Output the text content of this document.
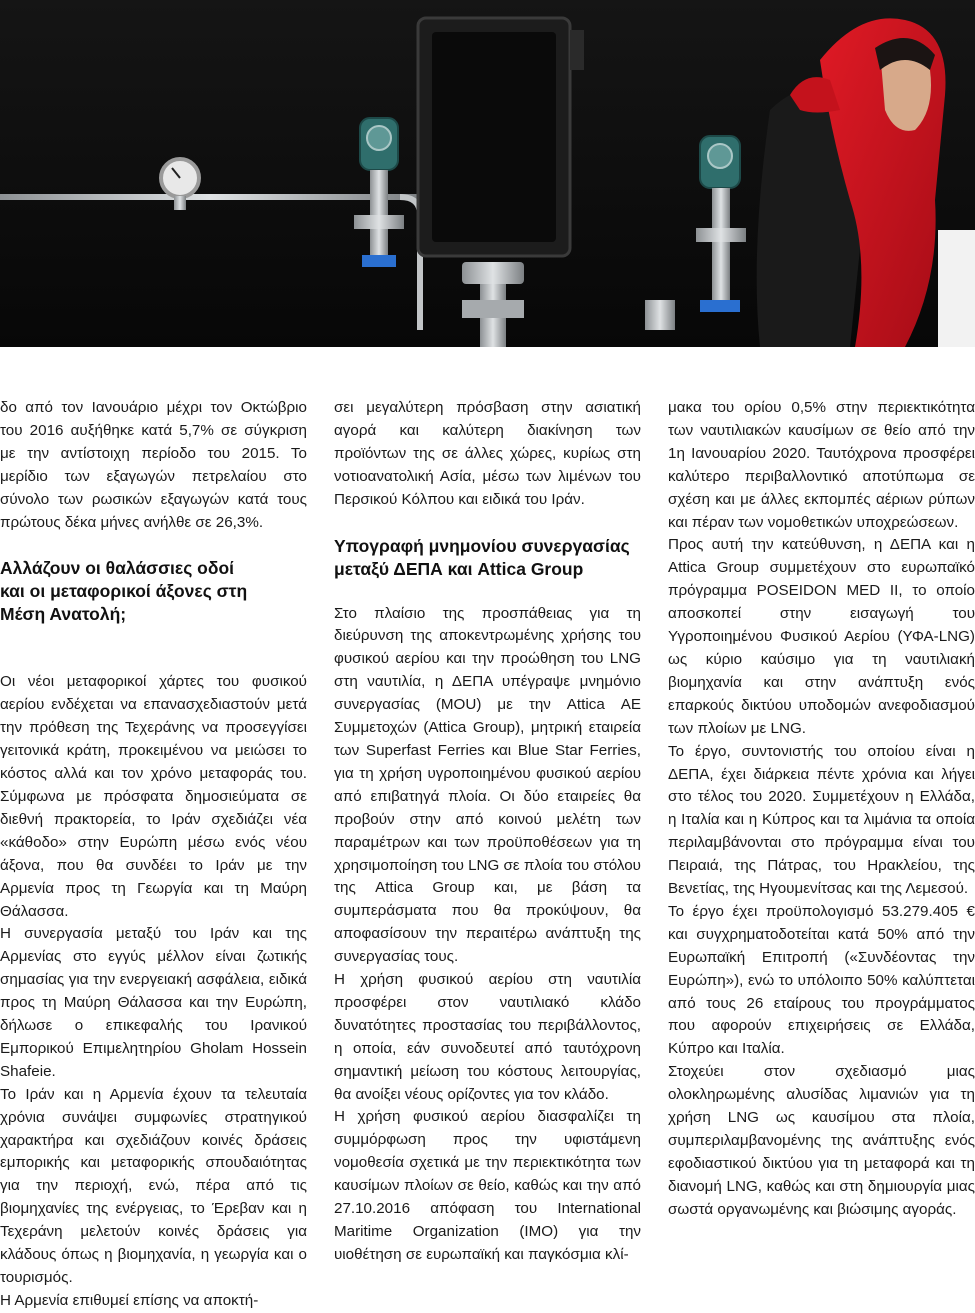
δο από τον Ιανουάριο μέχρι τον Οκτώβριο του 2016 αυξήθηκε κατά 5,7% σε σύγκριση με την αντίστοιχη περίοδο του 2015. Το μερίδιο των εξαγωγών πετρελαίου στο σύνολο των ρωσικών εξαγωγών κατά τους πρώτους δέκα μήνες ανήλθε σε 26,3%.

Αλλάζουν οι θαλάσσιες οδοί και οι μεταφορικοί άξονες στη Μέση Ανατολή;

Οι νέοι μεταφορικοί χάρτες του φυσικού αερίου ενδέχεται να επανασχεδιαστούν μετά την πρόθεση της Τεχεράνης να προσεγγίσει γειτονικά κράτη, προκειμένου να μειώσει το κόστος αλλά και τον χρόνο μεταφοράς του. Σύμφωνα με πρόσφατα δημοσιεύματα σε διεθνή πρακτορεία, το Ιράν σχεδιάζει νέα «κάθοδο» στην Ευρώπη μέσω ενός νέου άξονα, που θα συνδέει το Ιράν με την Αρμενία προς τη Γεωργία και τη Μαύρη Θάλασσα.

Η συνεργασία μεταξύ του Ιράν και της Αρμενίας στο εγγύς μέλλον είναι ζωτικής σημασίας για την ενεργειακή ασφάλεια, ειδικά προς τη Μαύρη Θάλασσα και την Ευρώπη, δήλωσε ο επικεφαλής του Ιρανικού Εμπορικού Επιμελητηρίου Gholam Hossein Shafeie.

Το Ιράν και η Αρμενία έχουν τα τελευταία χρόνια συνάψει συμφωνίες στρατηγικού χαρακτήρα και σχεδιάζουν κοινές δράσεις εμπορικής και μεταφορικής σπουδαιότητας για την περιοχή, ενώ, πέρα από τις βιομηχανίες της ενέργειας, το Έρεβαν και η Τεχεράνη μελετούν κοινές δράσεις για κλάδους όπως η βιομηχανία, η γεωργία και ο τουρισμός.

Η Αρμενία επιθυμεί επίσης να αποκτή-

σει μεγαλύτερη πρόσβαση στην ασιατική αγορά και καλύτερη διακίνηση των προϊόντων της σε άλλες χώρες, κυρίως στη νοτιοανατολική Ασία, μέσω των λιμένων του Περσικού Κόλπου και ειδικά του Ιράν.

Υπογραφή μνημονίου συνεργασίας μεταξύ ΔΕΠΑ και Attica Group

Στο πλαίσιο της προσπάθειας για τη διεύρυνση της αποκεντρωμένης χρήσης του φυσικού αερίου και την προώθηση του LNG στη ναυτιλία, η ΔΕΠΑ υπέγραψε μνημόνιο συνεργασίας (MOU) με την Attica ΑΕ Συμμετοχών (Attica Group), μητρική εταιρεία των Superfast Ferries και Blue Star Ferries, για τη χρήση υγροποιημένου φυσικού αερίου από επιβατηγά πλοία. Οι δύο εταιρείες θα προβούν στην από κοινού μελέτη των παραμέτρων και των προϋποθέσεων για τη χρησιμοποίηση του LNG σε πλοία του στόλου της Attica Group και, με βάση τα συμπεράσματα που θα προκύψουν, θα αποφασίσουν την περαιτέρω ανάπτυξη της συνεργασίας τους.

Η χρήση φυσικού αερίου στη ναυτιλία προσφέρει στον ναυτιλιακό κλάδο δυνατότητες προστασίας του περιβάλλοντος, η οποία, εάν συνοδευτεί από ταυτόχρονη σημαντική μείωση του κόστους λειτουργίας, θα ανοίξει νέους ορίζοντες για τον κλάδο.

Η χρήση φυσικού αερίου διασφαλίζει τη συμμόρφωση προς την υφιστάμενη νομοθεσία σχετικά με την περιεκτικότητα των καυσίμων πλοίων σε θείο, καθώς και την από 27.10.2016 απόφαση του International Maritime Organization (IMO) για την υιοθέτηση σε ευρωπαϊκή και παγκόσμια κλί-

μακα του ορίου 0,5% στην περιεκτικότητα των ναυτιλιακών καυσίμων σε θείο από την 1η Ιανουαρίου 2020. Ταυτόχρονα προσφέρει καλύτερο περιβαλλοντικό αποτύπωμα σε σχέση και με άλλες εκπομπές αέριων ρύπων και πέραν των νομοθετικών υποχρεώσεων.

Προς αυτή την κατεύθυνση, η ΔΕΠΑ και η Attica Group συμμετέχουν στο ευρωπαϊκό πρόγραμμα POSEIDON MED II, το οποίο αποσκοπεί στην εισαγωγή του Υγροποιημένου Φυσικού Αερίου (ΥΦΑ-LNG) ως κύριο καύσιμο για τη ναυτιλιακή βιομηχανία και στην ανάπτυξη ενός επαρκούς δικτύου υποδομών ανεφοδιασμού των πλοίων με LNG.

Το έργο, συντονιστής του οποίου είναι η ΔΕΠΑ, έχει διάρκεια πέντε χρόνια και λήγει στο τέλος του 2020. Συμμετέχουν η Ελλάδα, η Ιταλία και η Κύπρος και τα λιμάνια τα οποία περιλαμβάνονται στο πρόγραμμα είναι του Πειραιά, της Πάτρας, του Ηρακλείου, της Βενετίας, της Ηγουμενίτσας και της Λεμεσού.

Το έργο έχει προϋπολογισμό 53.279.405 € και συγχρηματοδοτείται κατά 50% από την Ευρωπαϊκή Επιτροπή («Συνδέοντας την Ευρώπη»), ενώ το υπόλοιπο 50% καλύπτεται από τους 26 εταίρους του προγράμματος που αφορούν επιχειρήσεις σε Ελλάδα, Κύπρο και Ιταλία.

Στοχεύει στον σχεδιασμό μιας ολοκληρωμένης αλυσίδας λιμανιών για τη χρήση LNG ως καυσίμου στα πλοία, συμπεριλαμβανομένης της ανάπτυξης ενός εφοδιαστικού δικτύου για τη μεταφορά και τη διανομή LNG, καθώς και στη δημιουργία μιας σωστά οργανωμένης και βιώσιμης αγοράς.
